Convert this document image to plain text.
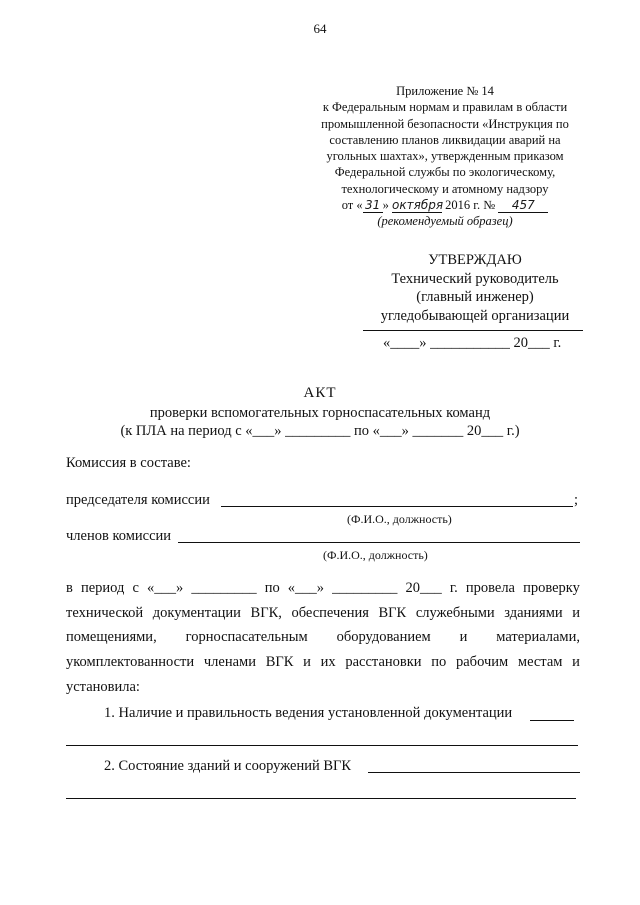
64
Приложение № 14
к Федеральным нормам и правилам в области
промышленной безопасности «Инструкция по
составлению планов ликвидации аварий на
угольных шахтах», утвержденным приказом
Федеральной службы по экологическому,
технологическому и атомному надзору
от « 31 » октября 2016 г. № 457
(рекомендуемый образец)
УТВЕРЖДАЮ
Технический руководитель
(главный инженер)
угледобывающей организации
«____» ___________ 20___ г.
АКТ
проверки вспомогательных горноспасательных команд
(к ПЛА на период с «___» _________ по «___» _______ 20___ г.)
Комиссия в составе:
председателя комиссии	;
(Ф.И.О., должность)
членов комиссии
(Ф.И.О., должность)
в период с «___» _________ по «___» _________ 20___ г. провела проверку
технической документации ВГК, обеспечения ВГК служебными зданиями и
помещениями, горноспасательным оборудованием и материалами,
укомплектованности членами ВГК и их расстановки по рабочим местам и
установила:
1. Наличие и правильность ведения установленной документации
2. Состояние зданий и сооружений ВГК
